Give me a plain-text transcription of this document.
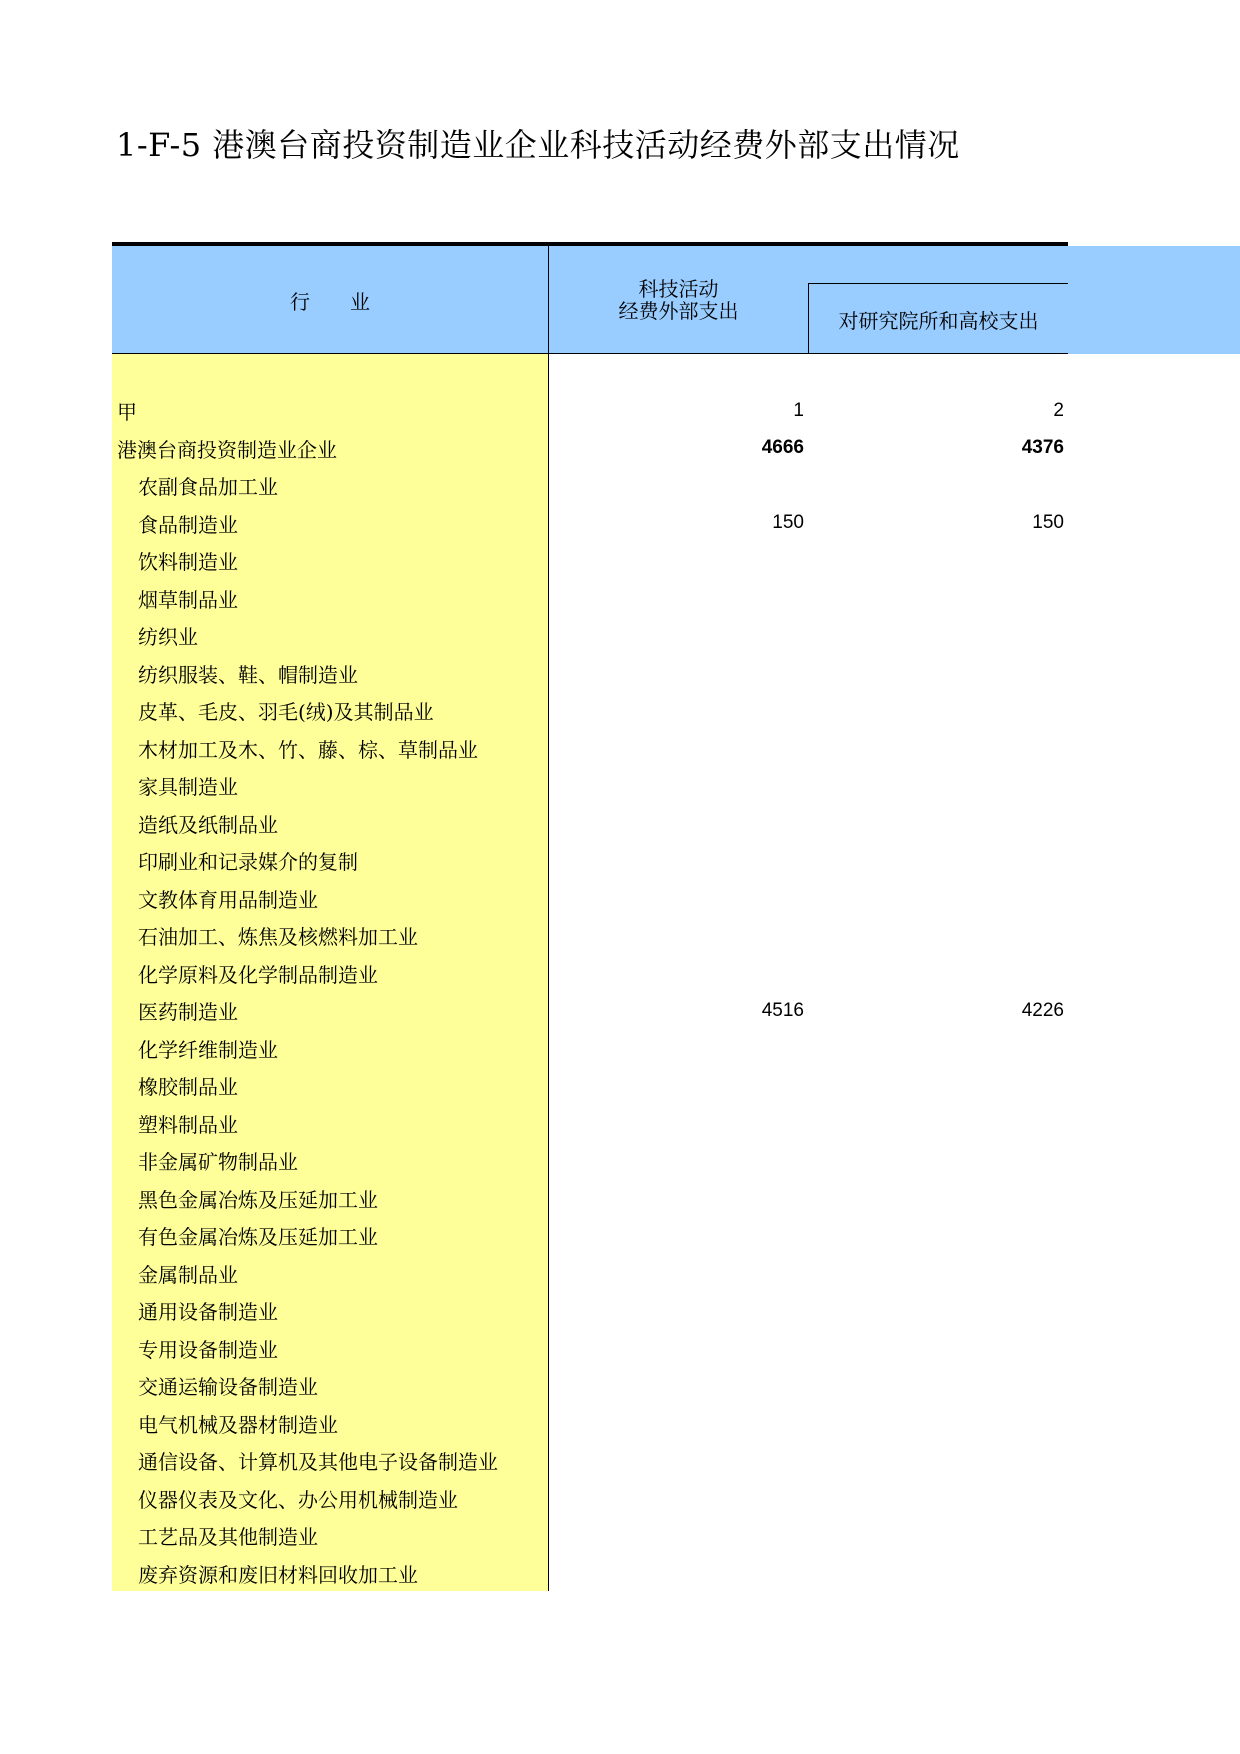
1-F-5 港澳台商投资制造业企业科技活动经费外部支出情况
行　　业
科技活动
经费外部支出	对研究院所和高校支出
甲	1	2
港澳台商投资制造业企业	4666	4376
农副食品加工业
食品制造业	150	150
饮料制造业
烟草制品业
纺织业
纺织服装、鞋、帽制造业
皮革、毛皮、羽毛(绒)及其制品业
木材加工及木、竹、藤、棕、草制品业
家具制造业
造纸及纸制品业
印刷业和记录媒介的复制
文教体育用品制造业
石油加工、炼焦及核燃料加工业
化学原料及化学制品制造业
医药制造业	4516	4226
化学纤维制造业
橡胶制品业
塑料制品业
非金属矿物制品业
黑色金属冶炼及压延加工业
有色金属冶炼及压延加工业
金属制品业
通用设备制造业
专用设备制造业
交通运输设备制造业
电气机械及器材制造业
通信设备、计算机及其他电子设备制造业
仪器仪表及文化、办公用机械制造业
工艺品及其他制造业
废弃资源和废旧材料回收加工业
